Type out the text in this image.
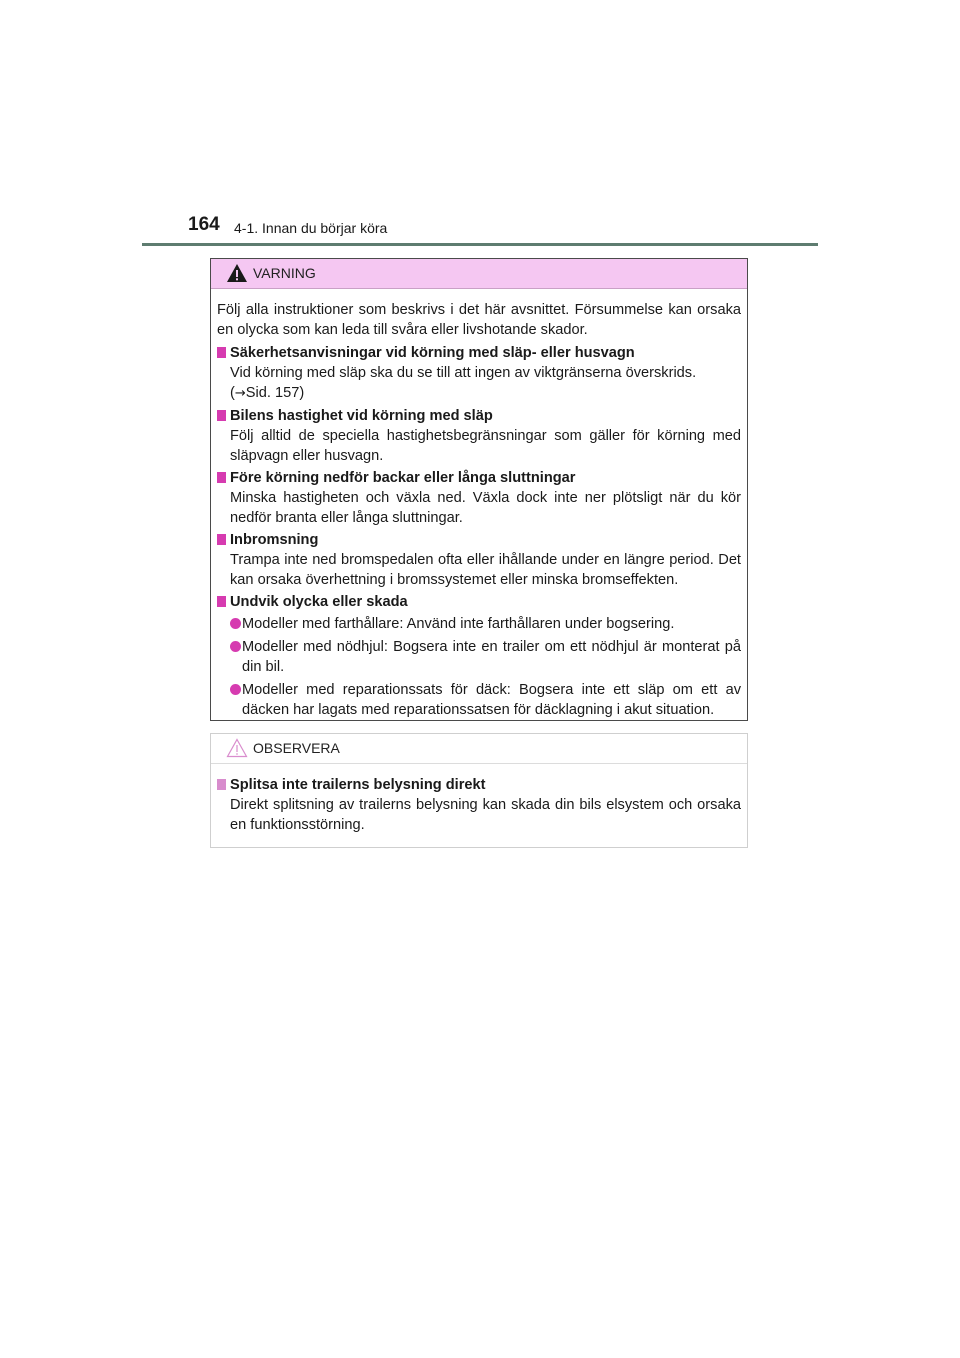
164 4-1. Innan du börjar köra
VARNING

Följ alla instruktioner som beskrivs i det här avsnittet. Försummelse kan orsaka en olycka som kan leda till svåra eller livshotande skador.

Säkerhetsanvisningar vid körning med släp- eller husvagn

Vid körning med släp ska du se till att ingen av viktgränserna överskrids.
(→Sid. 157)

Bilens hastighet vid körning med släp

Följ alltid de speciella hastighetsbegränsningar som gäller för körning med släpvagn eller husvagn.

Före körning nedför backar eller långa sluttningar

Minska hastigheten och växla ned. Växla dock inte ner plötsligt när du kör nedför branta eller långa sluttningar.

Inbromsning

Trampa inte ned bromspedalen ofta eller ihållande under en längre period. Det kan orsaka överhettning i bromssystemet eller minska bromseffekten.

Undvik olycka eller skada

Modeller med farthållare: Använd inte farthållaren under bogsering.

Modeller med nödhjul: Bogsera inte en trailer om ett nödhjul är monterat på din bil.

Modeller med reparationssats för däck: Bogsera inte ett släp om ett av däcken har lagats med reparationssatsen för däcklagning i akut situation.

OBSERVERA

Splitsa inte trailerns belysning direkt

Direkt splitsning av trailerns belysning kan skada din bils elsystem och orsaka en funktionsstörning.
